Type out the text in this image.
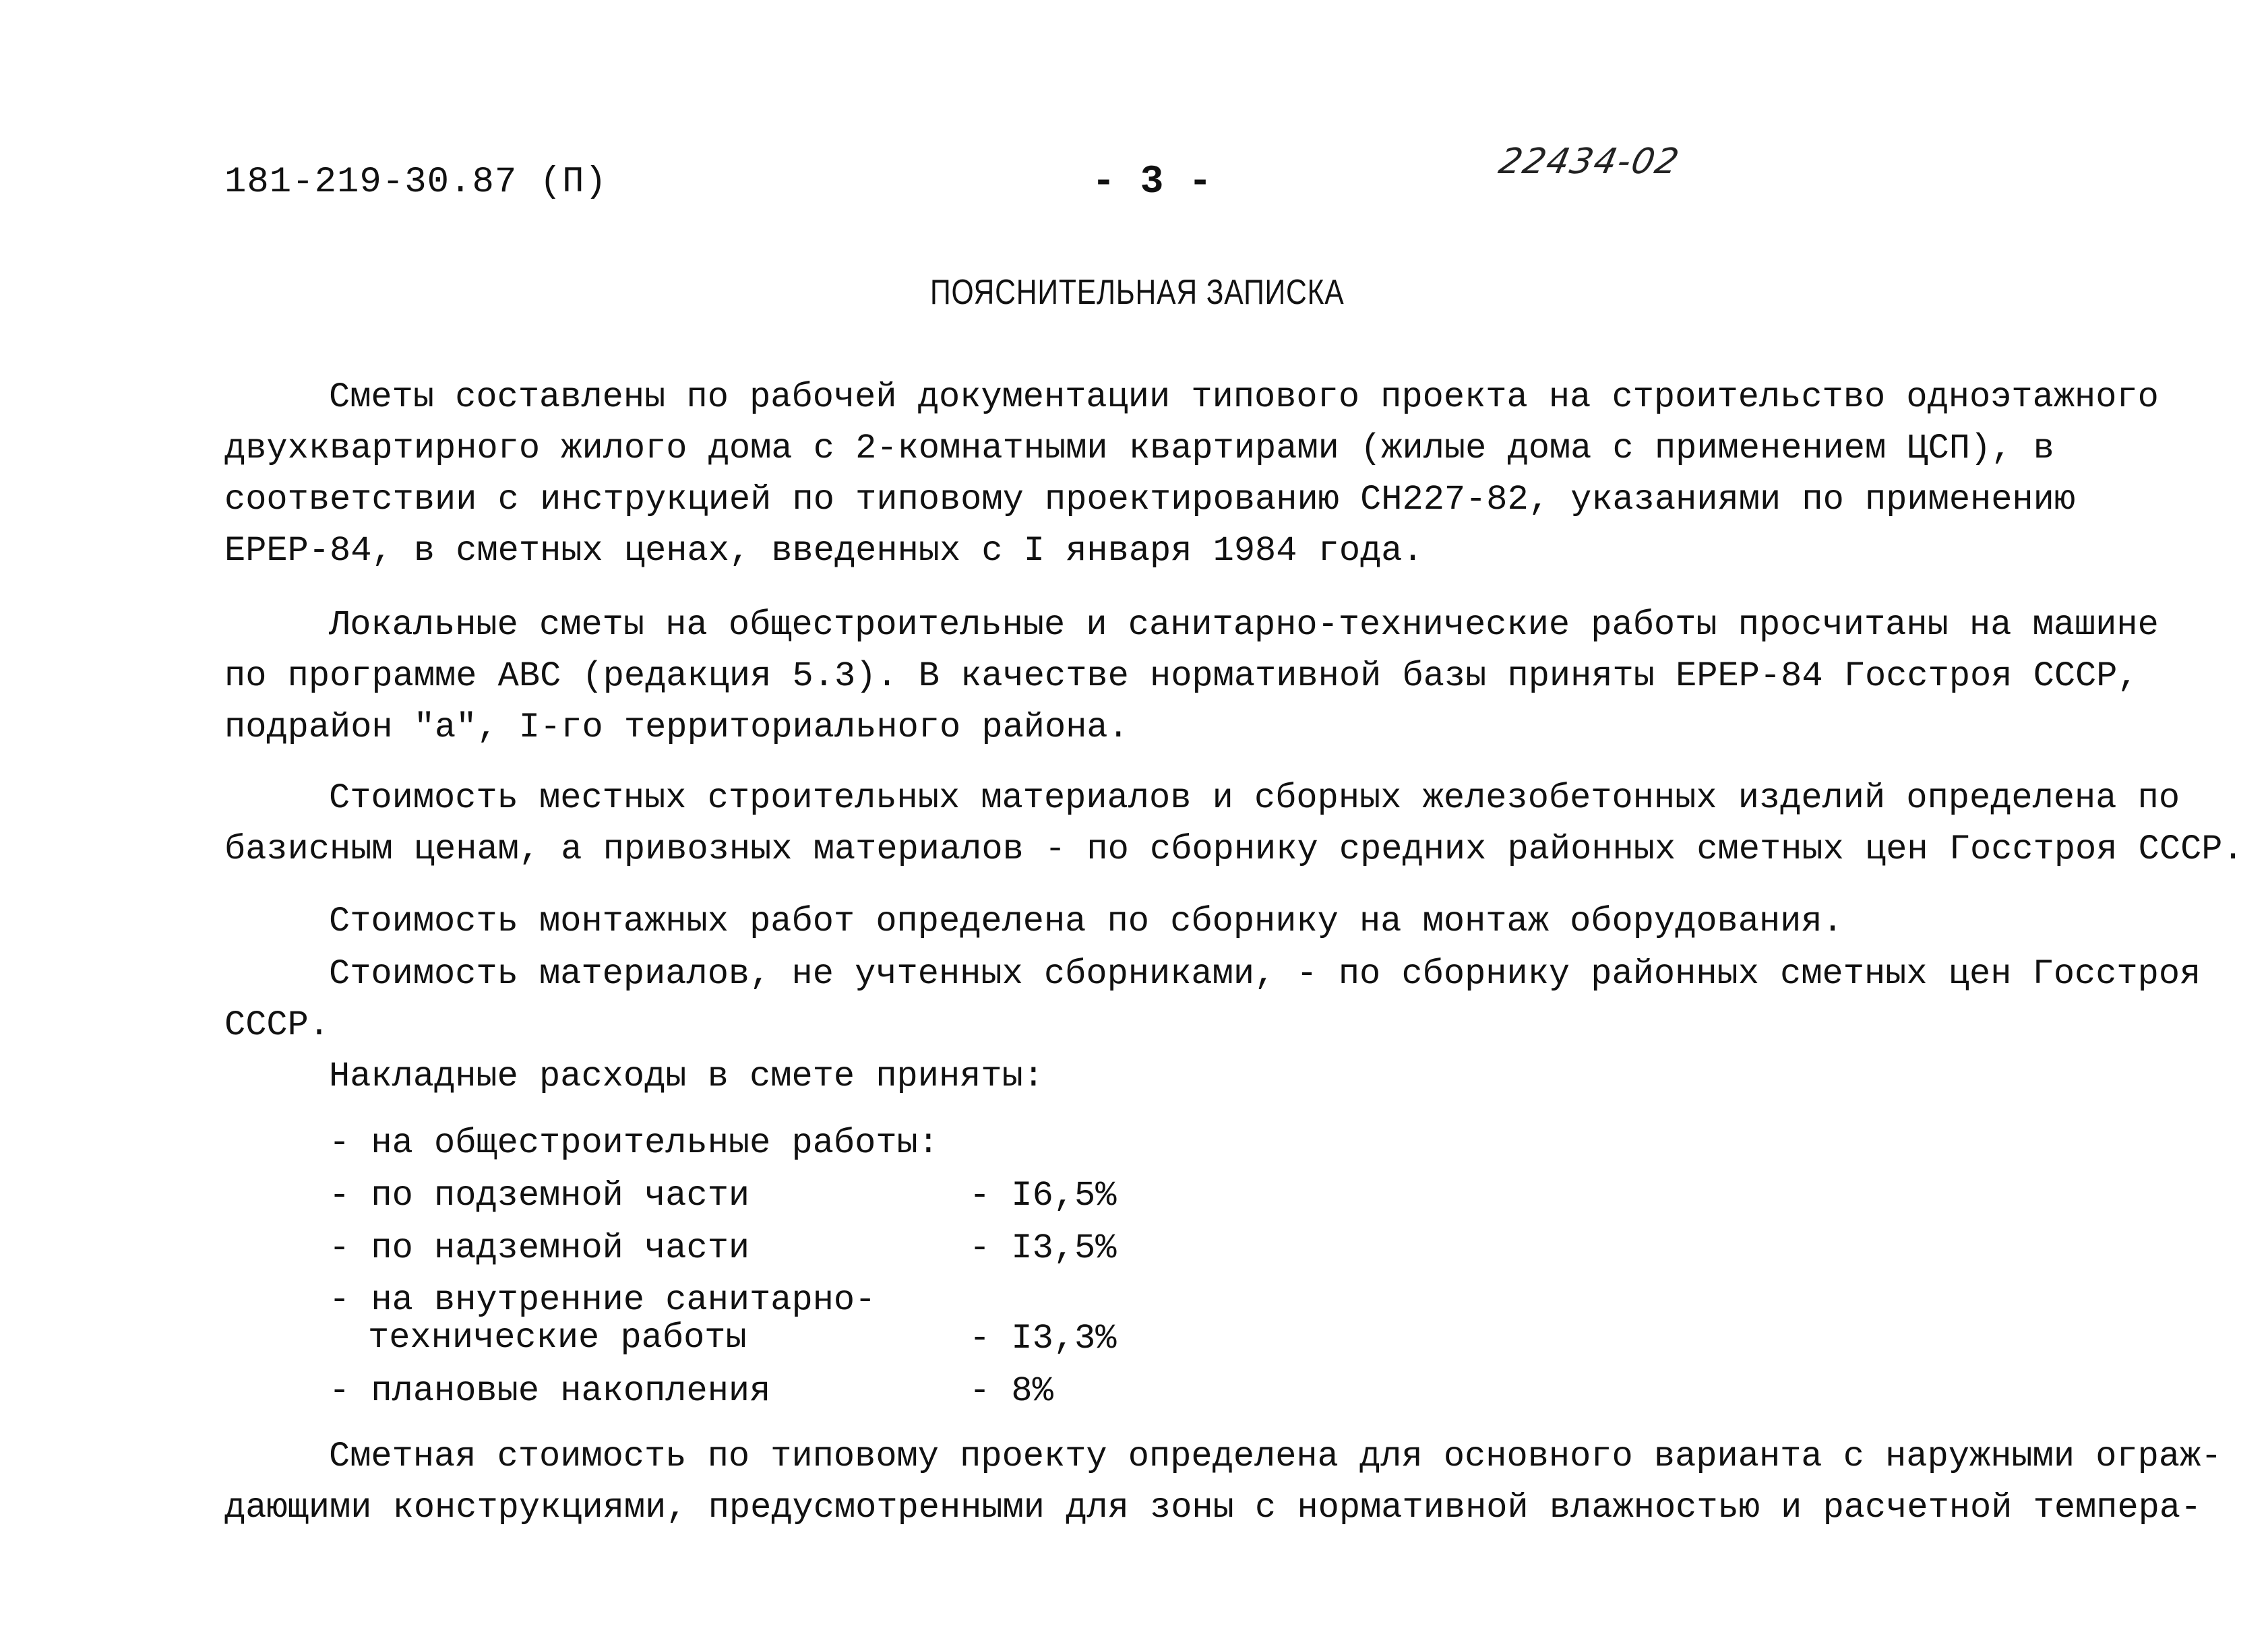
181-219-30.87 (П)	- 3 -	22434-02
ПОЯСНИТЕЛЬНАЯ ЗАПИСКА
Сметы составлены по рабочей документации типового проекта на строительство одноэтажного
двухквартирного жилого дома с 2-комнатными квартирами (жилые дома с применением ЦСП), в
соответствии с инструкцией по типовому проектированию СН227-82, указаниями по применению
ЕРЕР-84, в сметных ценах, введенных с I января 1984 года.
Локальные сметы на общестроительные и санитарно-технические работы просчитаны на машине
по программе АВС (редакция 5.3). В качестве нормативной базы приняты ЕРЕР-84 Госстроя СССР,
подрайон "а", I-го территориального района.
Стоимость местных строительных материалов и сборных железобетонных изделий определена по
базисным ценам, а привозных материалов - по сборнику средних районных сметных цен Госстроя СССР.
Стоимость монтажных работ определена по сборнику на монтаж оборудования.
Стоимость материалов, не учтенных сборниками, - по сборнику районных сметных цен Госстроя
СССР.
Накладные расходы в смете приняты:
- на общестроительные работы:
- по подземной части	- I6,5%
- по надземной части	- I3,5%
- на внутренние санитарно-
технические работы	- I3,3%
- плановые накопления	- 8%
Сметная стоимость по типовому проекту определена для основного варианта с наружными ограж-
дающими конструкциями, предусмотренными для зоны с нормативной влажностью и расчетной темпера-
